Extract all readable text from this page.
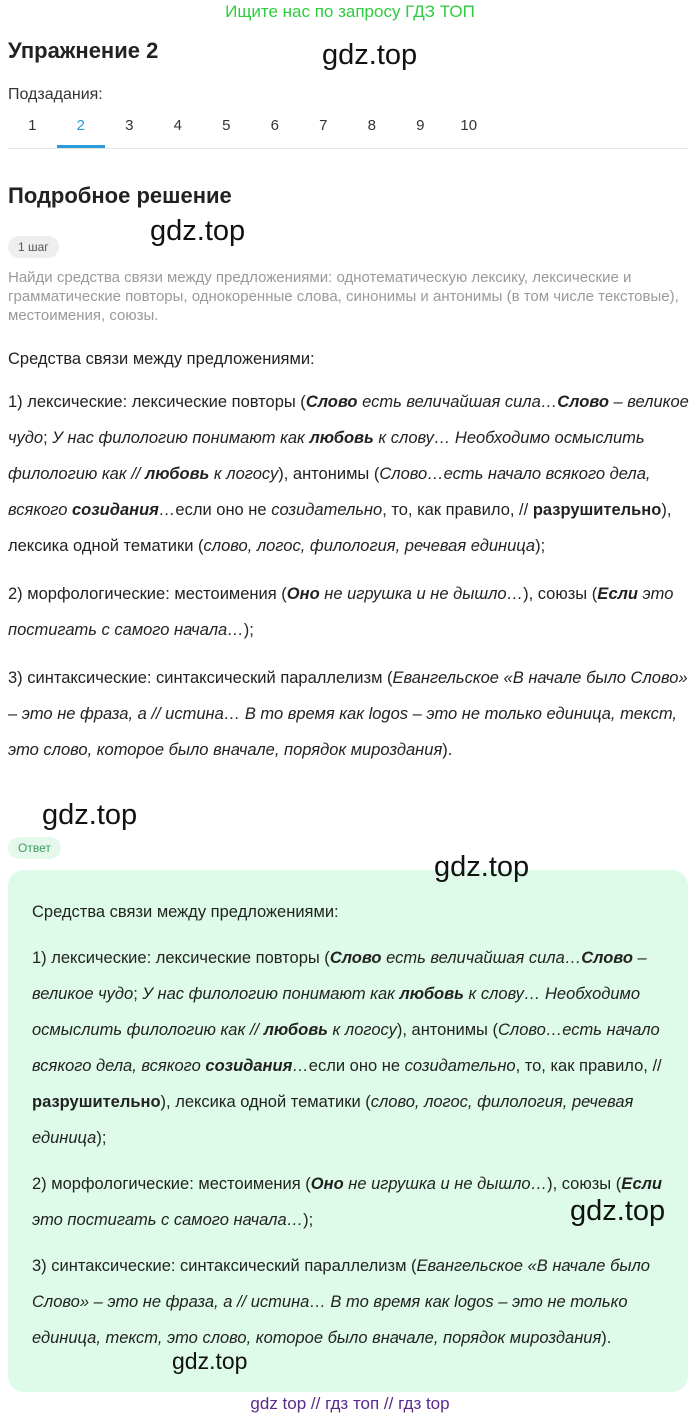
Ищите нас по запросу ГДЗ ТОП
Упражнение 2	gdz.top
Подзадания:
1	2	3	4	5	6	7	8	9	10
Подробное решение
gdz.top
1 шаг

Найди средства связи между предложениями: однотематическую лексику, лексические и грамматические повторы, однокоренные слова, синонимы и антонимы (в том числе текстовые), местоимения, союзы.

Средства связи между предложениями:

1) лексические: лексические повторы (Слово есть величайшая сила…Слово – великое чудо; У нас филологию понимают как любовь к слову… Необходимо осмыслить филологию как // любовь к логосу), антонимы (Слово…есть начало всякого дела, всякого созидания…если оно не созидательно, то, как правило, // разрушительно), лексика одной тематики (слово, логос, филология, речевая единица);

2) морфологические: местоимения (Оно не игрушка и не дышло…), союзы (Если это постигать с самого начала…);

3) синтаксические: синтаксический параллелизм (Евангельское «В начале было Слово» – это не фраза, а // истина… В то время как logos – это не только единица, текст, это слово, которое было вначале, порядок мироздания).

gdz.top
Ответ
gdz.top

Средства связи между предложениями:

1) лексические: лексические повторы (Слово есть величайшая сила…Слово – великое чудо; У нас филологию понимают как любовь к слову… Необходимо осмыслить филологию как // любовь к логосу), антонимы (Слово…есть начало всякого дела, всякого созидания…если оно не созидательно, то, как правило, // разрушительно), лексика одной тематики (слово, логос, филология, речевая единица);

2) морфологические: местоимения (Оно не игрушка и не дышло…), союзы (Если это постигать с самого начала…);

3) синтаксические: синтаксический параллелизм (Евангельское «В начале было Слово» – это не фраза, а // истина… В то время как logos – это не только единица, текст, это слово, которое было вначале, порядок мироздания).

gdz.top
gdz.top
gdz top // гдз топ // гдз top
